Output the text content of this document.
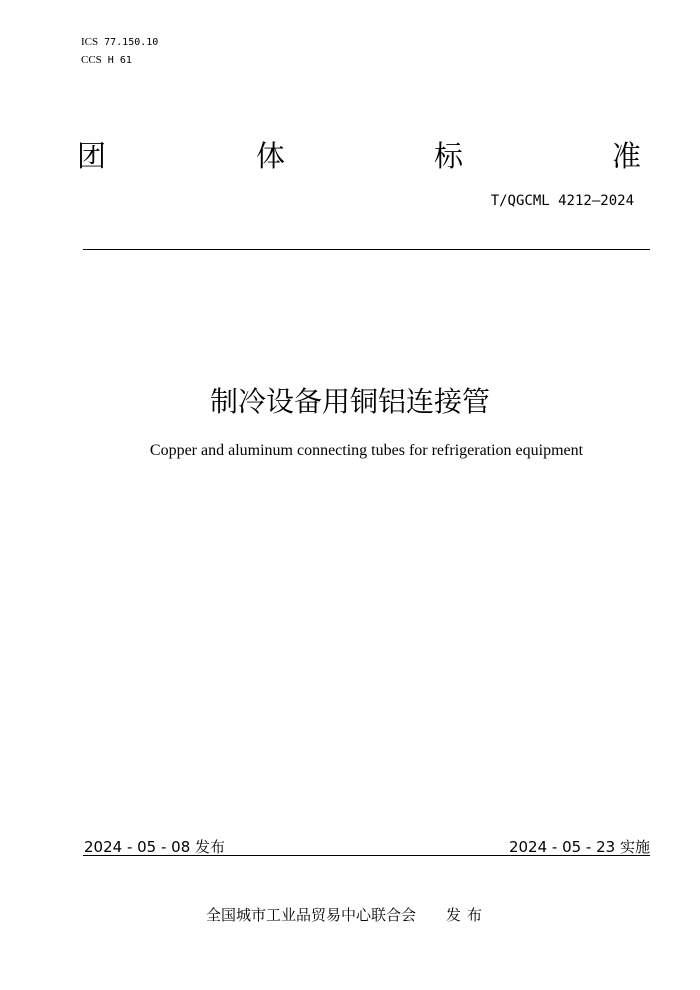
ICS 77.150.10
CCS H 61
团	体	标	准
T/QGCML 4212—2024
制冷设备用铜铝连接管
Copper and aluminum connecting tubes for refrigeration equipment
2024 - 05 - 08 发布	2024 - 05 - 23 实施
全国城市工业品贸易中心联合会 发布
